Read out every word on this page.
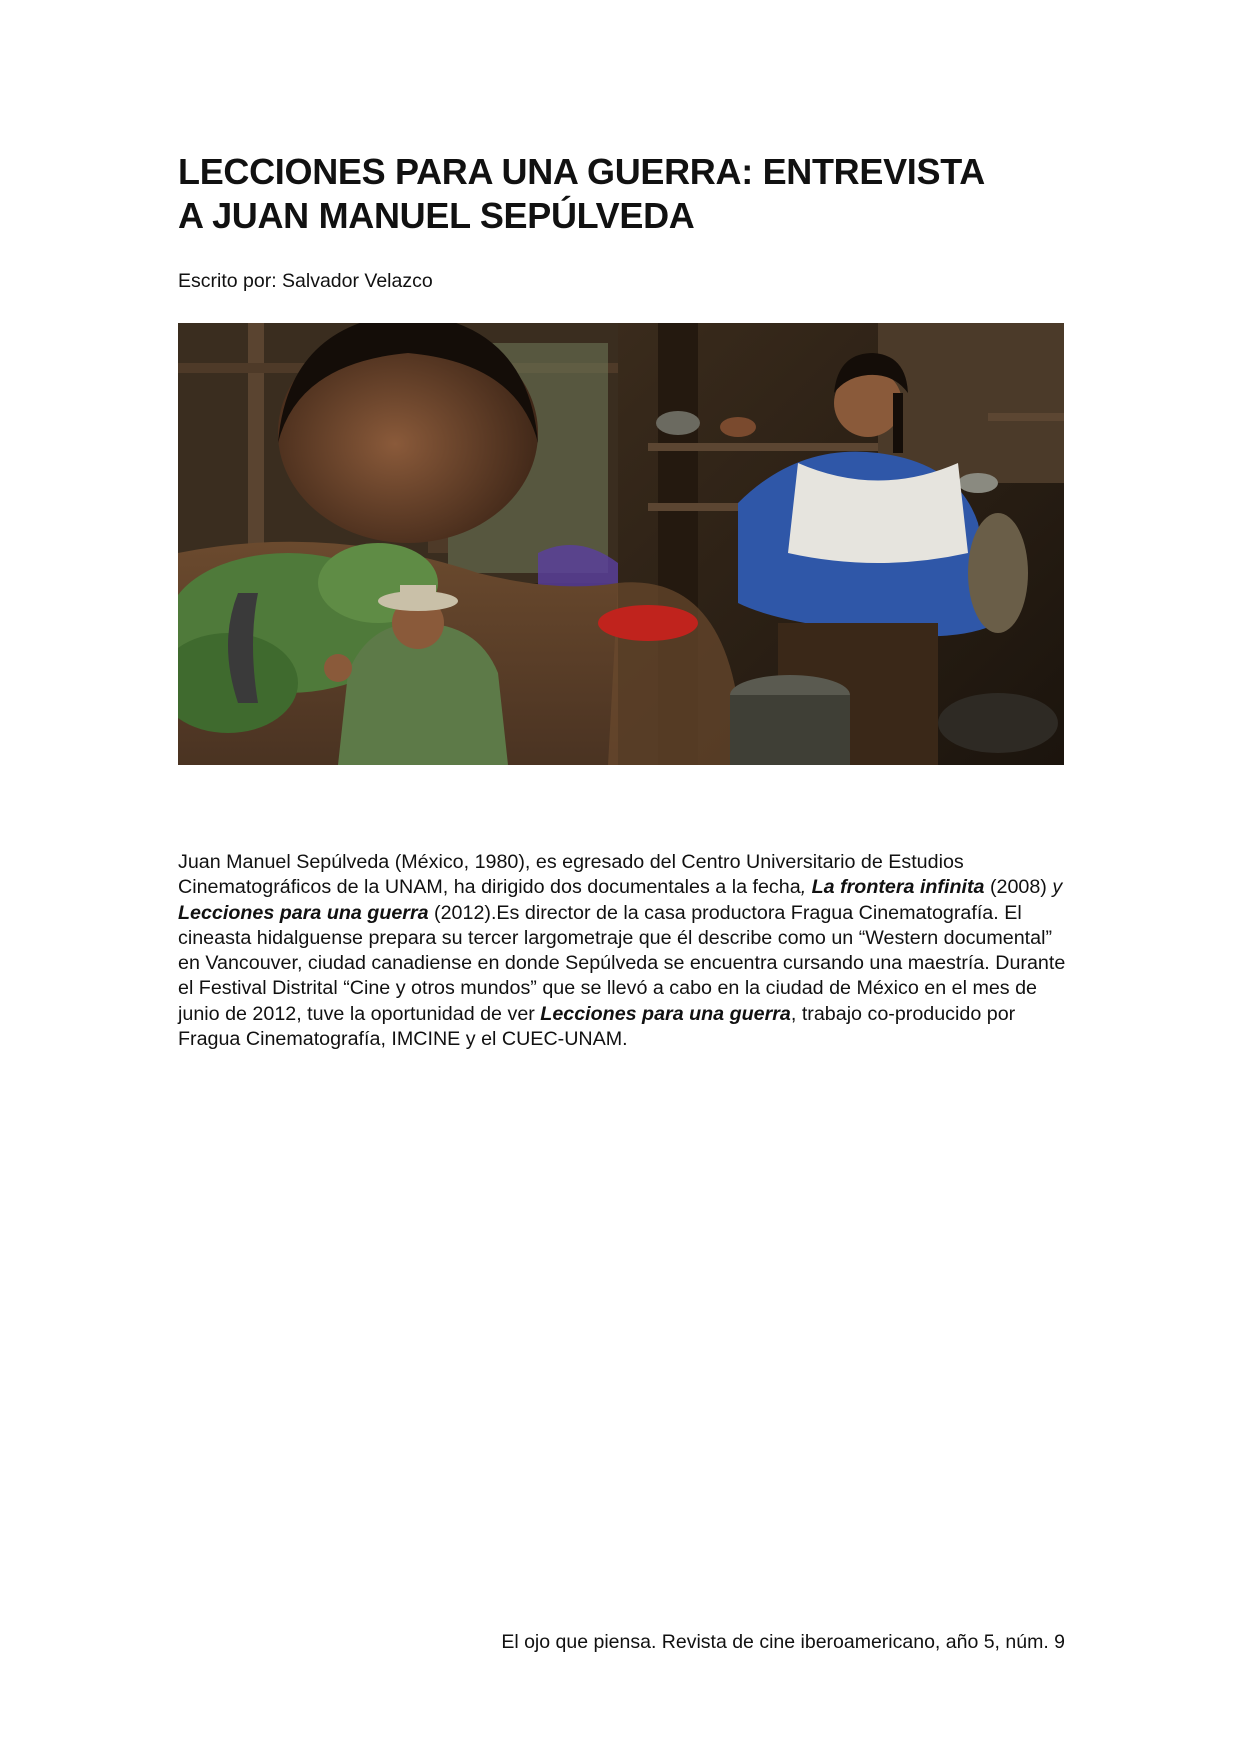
LECCIONES PARA UNA GUERRA: ENTREVISTA
A JUAN MANUEL SEPÚLVEDA

Escrito por: Salvador Velazco

Juan Manuel Sepúlveda (México, 1980), es egresado del Centro Universitario de Estudios Cinematográficos de la UNAM, ha dirigido dos documentales a la fecha, La frontera infinita (2008) y Lecciones para una guerra (2012).Es director de la casa productora Fragua Cinematografía. El cineasta hidalguense prepara su tercer largometraje que él describe como un “Western documental” en Vancouver, ciudad canadiense en donde Sepúlveda se encuentra cursando una maestría. Durante el Festival Distrital “Cine y otros mundos” que se llevó a cabo en la ciudad de México en el mes de junio de 2012, tuve la oportunidad de ver Lecciones para una guerra, trabajo co-producido por Fragua Cinematografía, IMCINE y el CUEC-UNAM.

El ojo que piensa. Revista de cine iberoamericano, año 5, núm. 9
